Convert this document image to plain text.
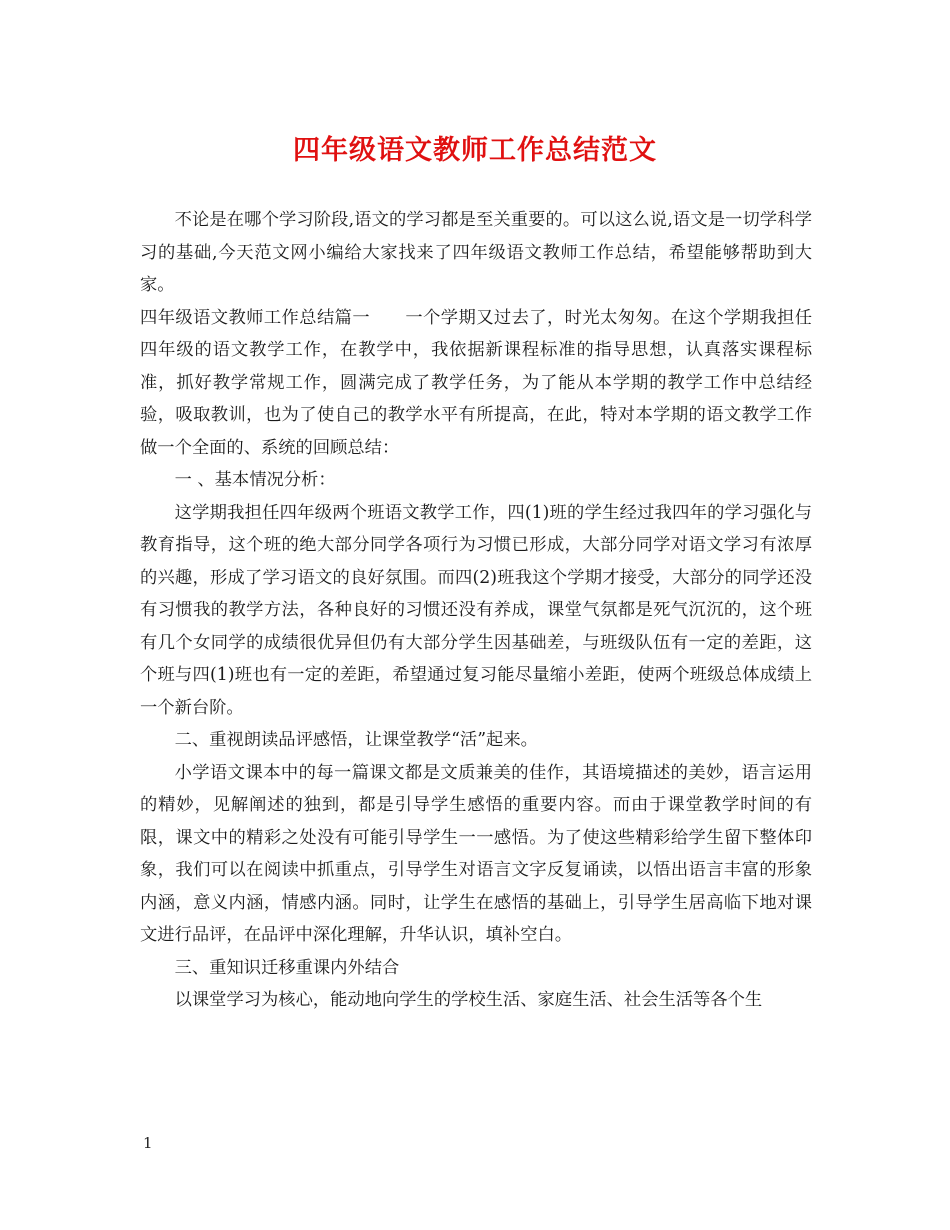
四年级语文教师工作总结范文

不论是在哪个学习阶段,语文的学习都是至关重要的。可以这么说,语文是一切学科学习的基础,今天范文网小编给大家找来了四年级语文教师工作总结，希望能够帮助到大家。

四年级语文教师工作总结篇一　　一个学期又过去了，时光太匆匆。在这个学期我担任四年级的语文教学工作，在教学中，我依据新课程标准的指导思想，认真落实课程标准，抓好教学常规工作，圆满完成了教学任务，为了能从本学期的教学工作中总结经验，吸取教训，也为了使自己的教学水平有所提高，在此，特对本学期的语文教学工作做一个全面的、系统的回顾总结：

一 、基本情况分析：

这学期我担任四年级两个班语文教学工作，四(1)班的学生经过我四年的学习强化与教育指导，这个班的绝大部分同学各项行为习惯已形成，大部分同学对语文学习有浓厚的兴趣，形成了学习语文的良好氛围。而四(2)班我这个学期才接受，大部分的同学还没有习惯我的教学方法，各种良好的习惯还没有养成，课堂气氛都是死气沉沉的，这个班有几个女同学的成绩很优异但仍有大部分学生因基础差，与班级队伍有一定的差距，这个班与四(1)班也有一定的差距，希望通过复习能尽量缩小差距，使两个班级总体成绩上一个新台阶。

二、重视朗读品评感悟，让课堂教学“活”起来。

小学语文课本中的每一篇课文都是文质兼美的佳作，其语境描述的美妙，语言运用的精妙，见解阐述的独到，都是引导学生感悟的重要内容。而由于课堂教学时间的有限，课文中的精彩之处没有可能引导学生一一感悟。为了使这些精彩给学生留下整体印象，我们可以在阅读中抓重点，引导学生对语言文字反复诵读，以悟出语言丰富的形象内涵，意义内涵，情感内涵。同时，让学生在感悟的基础上，引导学生居高临下地对课文进行品评，在品评中深化理解，升华认识，填补空白。

三、重知识迁移重课内外结合

以课堂学习为核心，能动地向学生的学校生活、家庭生活、社会生活等各个生

1
